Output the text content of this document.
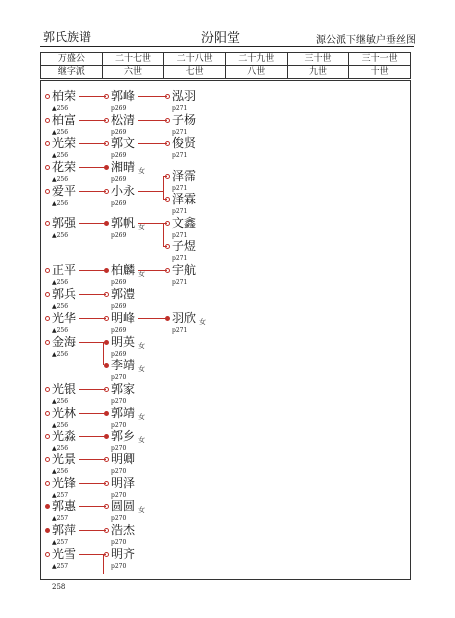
郭氏族谱	汾阳堂	源公派下继敏户垂丝图
万盛公	二十七世	二十八世	二十九世	三十世	三十一世
继字派	六世	七世	八世	九世	十世
柏荣
▲256
郭峰
p269
泓羽
p271
柏富
▲256
松清
p269
子杨
p271
光荣
▲256
郭文
p269
俊贤
p271
花荣
▲256
湘晴
p269
女
爱平
▲256
小永
p269
泽霈
p271
泽霖
p271
郭强
▲256
郭帆
p269
女 文鑫
p271
子煜
p271
正平
▲256
柏麟
p269
女 宇航
p271
郭兵
▲256
郭澧
p269
光华
▲256
明峰
p269
羽欣
p271
女
金海
▲256
明英
p269
女
李靖
p270
女
光银
▲256
郭家
p270
光林
▲256
郭靖
p270
女
光淼
▲256
郭乡
p270
女
光景
▲256
明卿
p270
光锋
▲257
明泽
p270
郭惠
▲257
圆圆
p270
女
郭萍
▲257
浩杰
p270
光雪
▲257
明齐
p270
258
